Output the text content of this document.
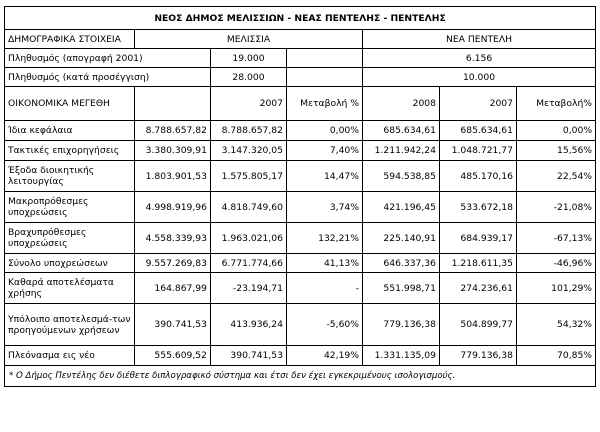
ΝΕΟΣ ΔΗΜΟΣ ΜΕΛΙΣΣΙΩΝ - ΝΕΑΣ ΠΕΝΤΕΛΗΣ - ΠΕΝΤΕΛΗΣ						
ΔΗΜΟΓΡΑΦΙΚΑ ΣΤΟΙΧΕΙΑ	ΜΕΛΙΣΣΙΑ			ΝΕΑ ΠΕΝΤΕΛΗ		
Πληθυσμός (απογραφή 2001)		19.000		6.156		
Πληθυσμός (κατά προσέγγιση)		28.000		10.000		
ΟΙΚΟΝΟΜΙΚΑ ΜΕΓΕΘΗ		2007	Μεταβολή %	2008	2007	Μεταβολή%
Ίδια κεφάλαια	8.788.657,82	8.788.657,82	0,00%	685.634,61	685.634,61	0,00%
Τακτικές επιχορηγήσεις	3.380.309,91	3.147.320,05	7,40%	1.211.942,24	1.048.721,77	15,56%
Έξοδα διοικητικής λειτουργίας	1.803.901,53	1.575.805,17	14,47%	594.538,85	485.170,16	22,54%
Μακροπρόθεσμες υποχρεώσεις	4.998.919,96	4.818.749,60	3,74%	421.196,45	533.672,18	-21,08%
Βραχυπρόθεσμες υποχρεώσεις	4.558.339,93	1.963.021,06	132,21%	225.140,91	684.939,17	-67,13%
Σύνολο υποχρεώσεων	9.557.269,83	6.771.774,66	41,13%	646.337,36	1.218.611,35	-46,96%
Καθαρά αποτελέσματα χρήσης	164.867,99	-23.194,71	-	551.998,71	274.236,61	101,29%
Υπόλοιπο αποτελεσμά-των προηγούμενων χρήσεων	390.741,53	413.936,24	-5,60%	779.136,38	504.899,77	54,32%
Πλεόνασμα εις νέο	555.609,52	390.741,53	42,19%	1.331.135,09	779.136,38	70,85%
* Ο Δήμος Πεντέλης δεν διέθετε διπλογραφικό σύστημα και έτσι δεν έχει εγκεκριμένους ισολογισμούς.						
